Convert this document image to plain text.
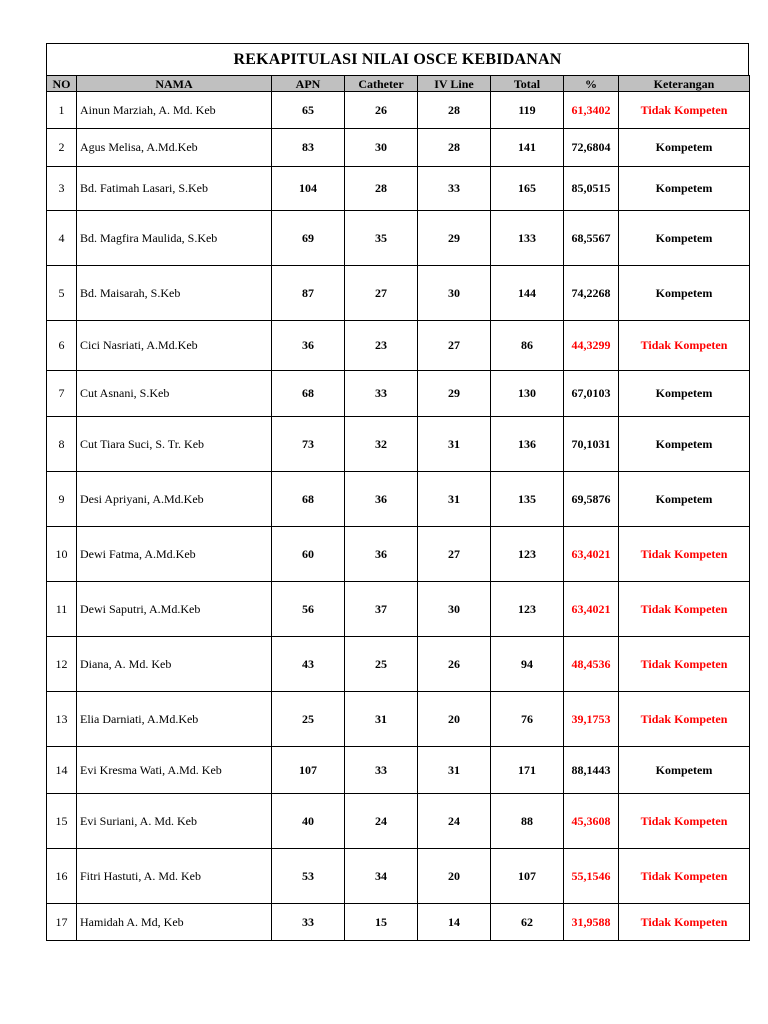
REKAPITULASI NILAI OSCE KEBIDANAN
NO	NAMA	APN	Catheter	IV Line	Total	%	Keterangan
1	Ainun Marziah, A. Md. Keb	65	26	28	119	61,3402	Tidak Kompeten
2	Agus Melisa, A.Md.Keb	83	30	28	141	72,6804	Kompetem
3	Bd. Fatimah Lasari, S.Keb	104	28	33	165	85,0515	Kompetem
4	Bd. Magfira Maulida, S.Keb	69	35	29	133	68,5567	Kompetem
5	Bd. Maisarah, S.Keb	87	27	30	144	74,2268	Kompetem
6	Cici Nasriati, A.Md.Keb	36	23	27	86	44,3299	Tidak Kompeten
7	Cut Asnani, S.Keb	68	33	29	130	67,0103	Kompetem
8	Cut Tiara Suci, S. Tr. Keb	73	32	31	136	70,1031	Kompetem
9	Desi Apriyani, A.Md.Keb	68	36	31	135	69,5876	Kompetem
10	Dewi Fatma, A.Md.Keb	60	36	27	123	63,4021	Tidak Kompeten
11	Dewi Saputri, A.Md.Keb	56	37	30	123	63,4021	Tidak Kompeten
12	Diana, A. Md. Keb	43	25	26	94	48,4536	Tidak Kompeten
13	Elia Darniati, A.Md.Keb	25	31	20	76	39,1753	Tidak Kompeten
14	Evi Kresma Wati, A.Md. Keb	107	33	31	171	88,1443	Kompetem
15	Evi Suriani, A. Md. Keb	40	24	24	88	45,3608	Tidak Kompeten
16	Fitri Hastuti, A. Md. Keb	53	34	20	107	55,1546	Tidak Kompeten
17	Hamidah A. Md, Keb	33	15	14	62	31,9588	Tidak Kompeten
